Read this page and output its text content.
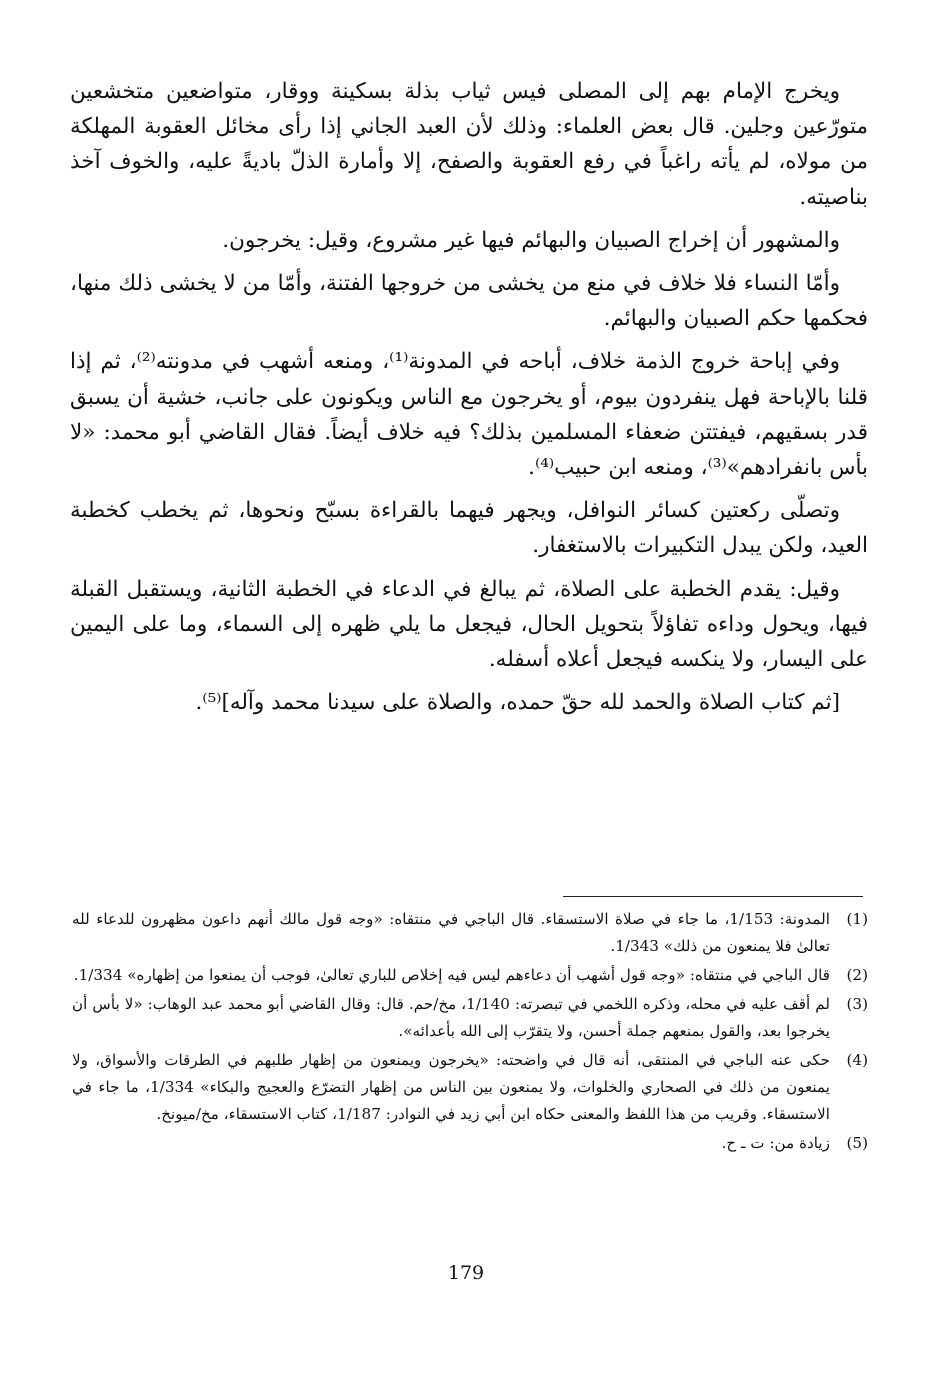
ويخرج الإمام بهم إلى المصلى فيس ثياب بذلة بسكينة ووقار، متواضعين متخشعين متورّعين وجلين. قال بعض العلماء: وذلك لأن العبد الجاني إذا رأى مخائل العقوبة المهلكة من مولاه، لم يأته راغباً في رفع العقوبة والصفح، إلا وأمارة الذلّ باديةً عليه، والخوف آخذ بناصيته.

والمشهور أن إخراج الصبيان والبهائم فيها غير مشروع، وقيل: يخرجون.

وأمّا النساء فلا خلاف في منع من يخشى من خروجها الفتنة، وأمّا من لا يخشى ذلك منها، فحكمها حكم الصبيان والبهائم.

وفي إباحة خروج الذمة خلاف، أباحه في المدونة⁽¹⁾، ومنعه أشهب في مدونته⁽²⁾، ثم إذا قلنا بالإباحة فهل ينفردون بيوم، أو يخرجون مع الناس ويكونون على جانب، خشية أن يسبق قدر بسقيهم، فيفتتن ضعفاء المسلمين بذلك؟ فيه خلاف أيضاً. فقال القاضي أبو محمد: «لا بأس بانفرادهم»⁽³⁾، ومنعه ابن حبيب⁽⁴⁾.

وتصلّى ركعتين كسائر النوافل، ويجهر فيهما بالقراءة بسبّح ونحوها، ثم يخطب كخطبة العيد، ولكن يبدل التكبيرات بالاستغفار.

وقيل: يقدم الخطبة على الصلاة، ثم يبالغ في الدعاء في الخطبة الثانية، ويستقبل القبلة فيها، ويحول وداءه تفاؤلاً بتحويل الحال، فيجعل ما يلي ظهره إلى السماء، وما على اليمين على اليسار، ولا ينكسه فيجعل أعلاه أسفله.

[ثم كتاب الصلاة والحمد لله حقّ حمده، والصلاة على سيدنا محمد وآله]⁽⁵⁾.

(1)
المدونة: 1/153، ما جاء في صلاة الاستسقاء. قال الباجي في منتقاه: «وجه قول مالك أنهم داعون مظهرون للدعاء لله تعالىٰ فلا يمنعون من ذلك» 1/343.
(2)
قال الباجي في منتقاه: «وجه قول أشهب أن دعاءهم ليس فيه إخلاص للباري تعالىٰ، فوجب أن يمنعوا من إظهاره» 1/334.
(3)
لم أقف عليه في محله، وذكره اللخمي في تبصرته: 1/140، مخ/حم. قال: وقال القاضي أبو محمد عبد الوهاب: «لا بأس أن يخرجوا بعد، والقول بمنعهم جملة أحسن، ولا يتقرّب إلى الله بأعدائه».
(4)
حكى عنه الباجي في المنتقى، أنه قال في واضحته: «يخرجون ويمنعون من إظهار طلبهم في الطرقات والأسواق، ولا يمنعون من ذلك في الصحاري والخلوات، ولا يمنعون بين الناس من إظهار التضرّع والعجيج والبكاء» 1/334، ما جاء في الاستسقاء. وقريب من هذا اللفظ والمعنى حكاه ابن أبي زيد في النوادر: 1/187، كتاب الاستسقاء، مخ/ميونخ.
(5)
زيادة من: ت ـ ح.
179
